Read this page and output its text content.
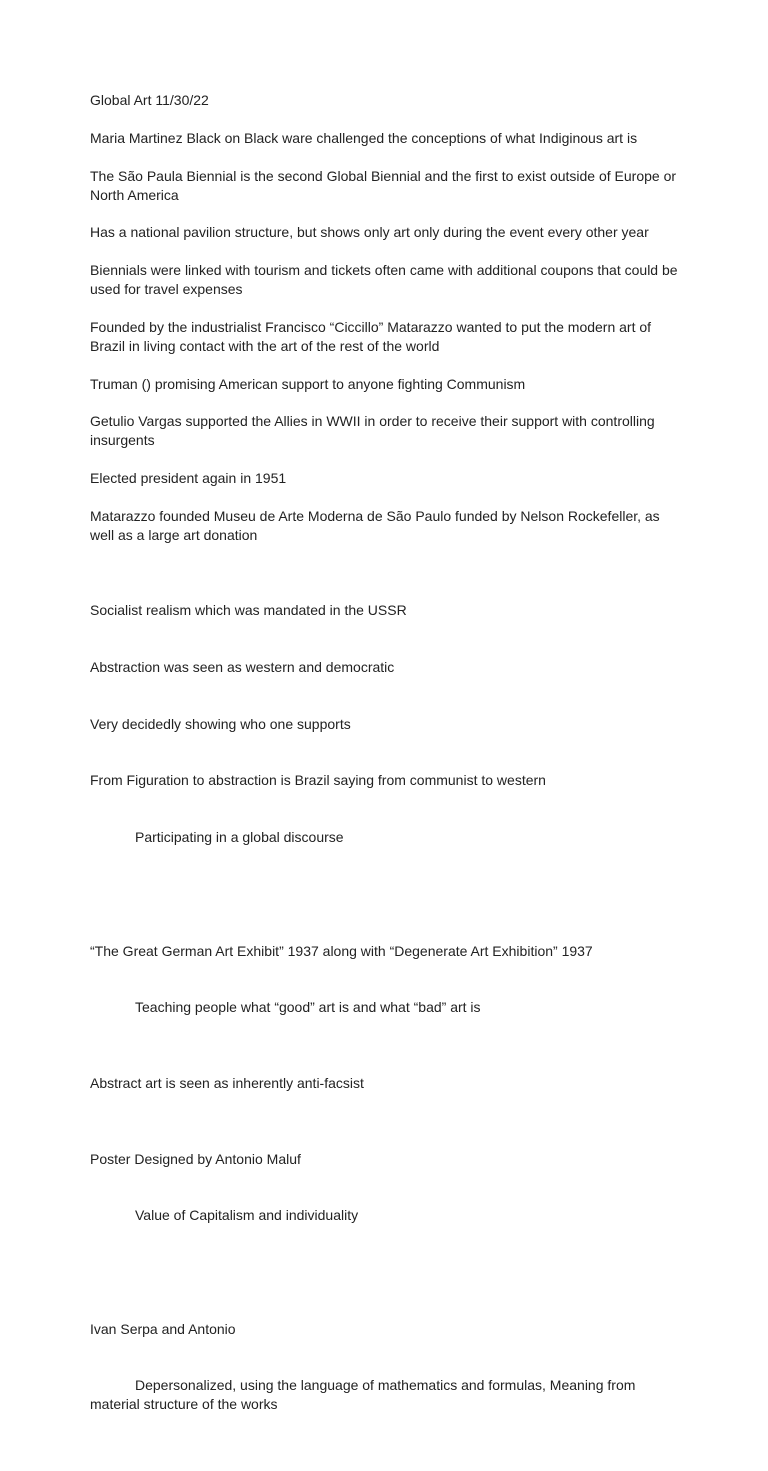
Global Art 11/30/22

Maria Martinez Black on Black ware challenged the conceptions of what Indiginous art is

The São Paula Biennial is the second Global Biennial and the first to exist outside of Europe or North America

Has a national pavilion structure, but shows only art only during the event every other year

Biennials were linked with tourism and tickets often came with additional coupons that could be used for travel expenses

Founded by the industrialist Francisco “Ciccillo” Matarazzo wanted to put the modern art of Brazil in living contact with the art of the rest of the world

Truman () promising American support to anyone fighting Communism

Getulio Vargas supported the Allies in WWII in order to receive their support with controlling insurgents

Elected president again in 1951

Matarazzo founded Museu de Arte Moderna de São Paulo funded by Nelson Rockefeller, as well as a large art donation

Socialist realism which was mandated in the USSR

Abstraction was seen as western and democratic

Very decidedly showing who one supports

From Figuration to abstraction is Brazil saying from communist to western

Participating in a global discourse

“The Great German Art Exhibit” 1937 along with “Degenerate Art Exhibition” 1937

Teaching people what “good” art is and what “bad” art is

Abstract art is seen as inherently anti-facsist

Poster Designed by Antonio Maluf

Value of Capitalism and individuality

Ivan Serpa and Antonio

Depersonalized, using the language of mathematics and formulas, Meaning from material structure of the works
